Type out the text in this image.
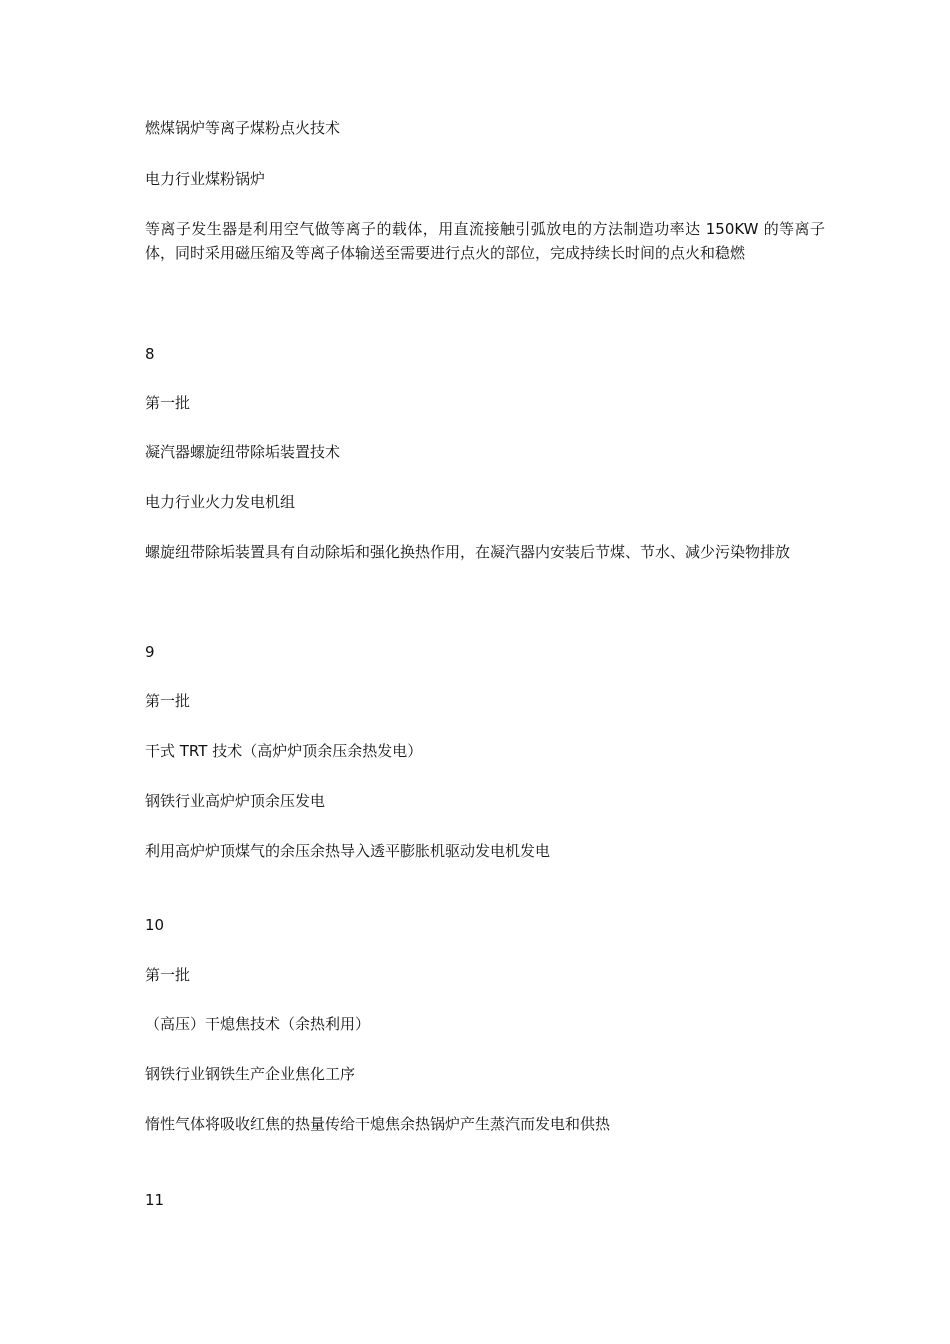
燃煤锅炉等离子煤粉点火技术
电力行业煤粉锅炉
等离子发生器是利用空气做等离子的载体，用直流接触引弧放电的方法制造功率达 150KW 的等离子体，同时采用磁压缩及等离子体输送至需要进行点火的部位，完成持续长时间的点火和稳燃
8
第一批
凝汽器螺旋纽带除垢装置技术
电力行业火力发电机组
螺旋纽带除垢装置具有自动除垢和强化换热作用，在凝汽器内安装后节煤、节水、减少污染物排放
9
第一批
干式 TRT 技术（高炉炉顶余压余热发电）
钢铁行业高炉炉顶余压发电
利用高炉炉顶煤气的余压余热导入透平膨胀机驱动发电机发电
10
第一批
（高压）干熄焦技术（余热利用）
钢铁行业钢铁生产企业焦化工序
惰性气体将吸收红焦的热量传给干熄焦余热锅炉产生蒸汽而发电和供热
11
